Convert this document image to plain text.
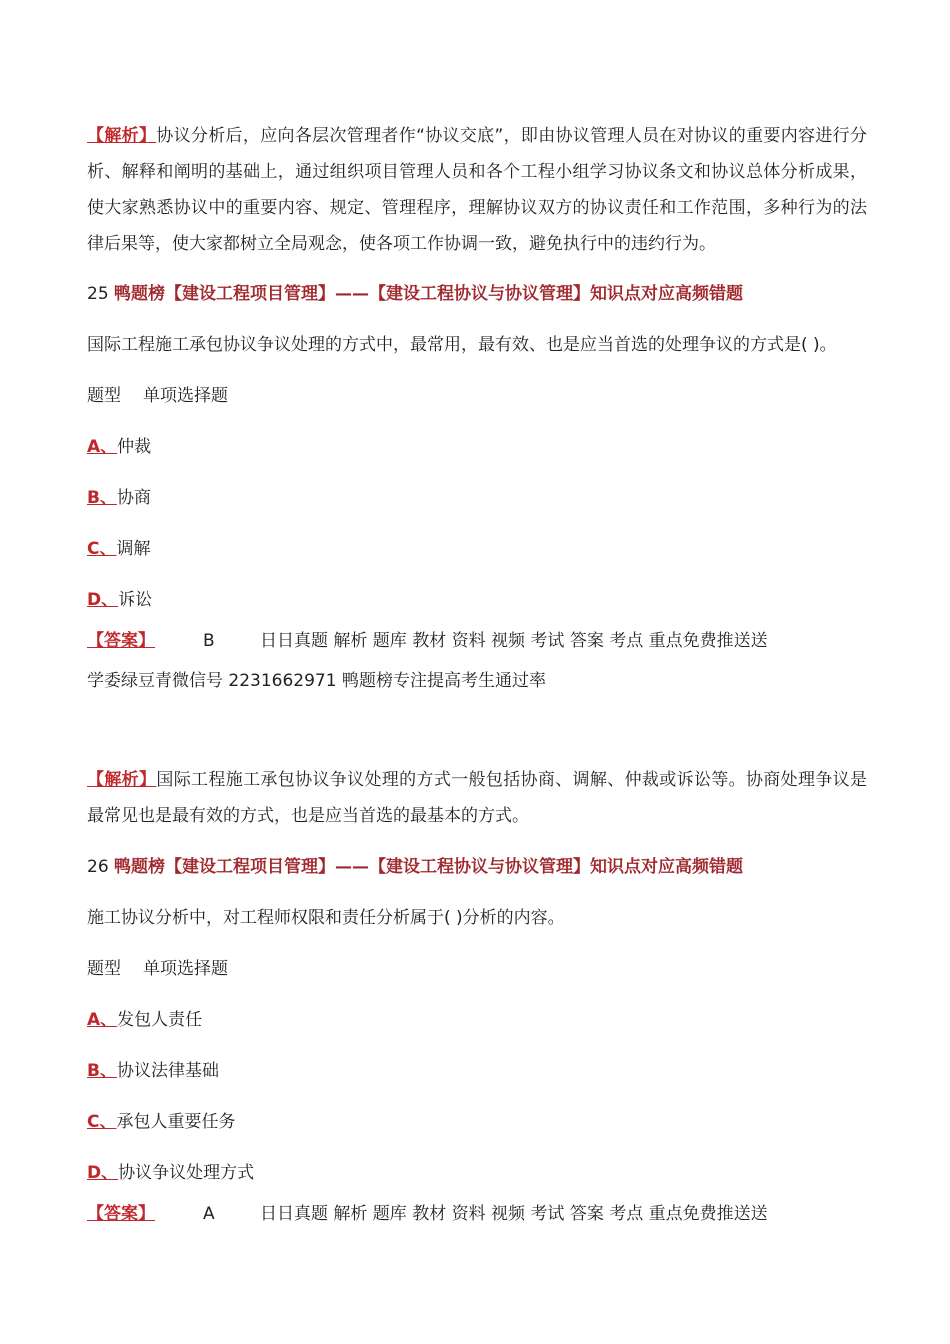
【解析】协议分析后，应向各层次管理者作“协议交底”，即由协议管理人员在对协议的重要内容进行分析、解释和阐明的基础上，通过组织项目管理人员和各个工程小组学习协议条文和协议总体分析成果，使大家熟悉协议中的重要内容、规定、管理程序，理解协议双方的协议责任和工作范围，多种行为的法律后果等，使大家都树立全局观念，使各项工作协调一致，避免执行中的违约行为。
25 鸭题榜【建设工程项目管理】——【建设工程协议与协议管理】知识点对应高频错题
国际工程施工承包协议争议处理的方式中，最常用，最有效、也是应当首选的处理争议的方式是( )。
题型 单项选择题
A、仲裁
B、协商
C、调解
D、诉讼
【答案】	B	日日真题 解析 题库 教材 资料 视频 考试 答案 考点 重点免费推送送
学委绿豆青微信号 2231662971 鸭题榜专注提高考生通过率
【解析】国际工程施工承包协议争议处理的方式一般包括协商、调解、仲裁或诉讼等。协商处理争议是最常见也是最有效的方式，也是应当首选的最基本的方式。
26 鸭题榜【建设工程项目管理】——【建设工程协议与协议管理】知识点对应高频错题
施工协议分析中，对工程师权限和责任分析属于( )分析的内容。
题型 单项选择题
A、发包人责任
B、协议法律基础
C、承包人重要任务
D、协议争议处理方式
【答案】	A	日日真题 解析 题库 教材 资料 视频 考试 答案 考点 重点免费推送送
